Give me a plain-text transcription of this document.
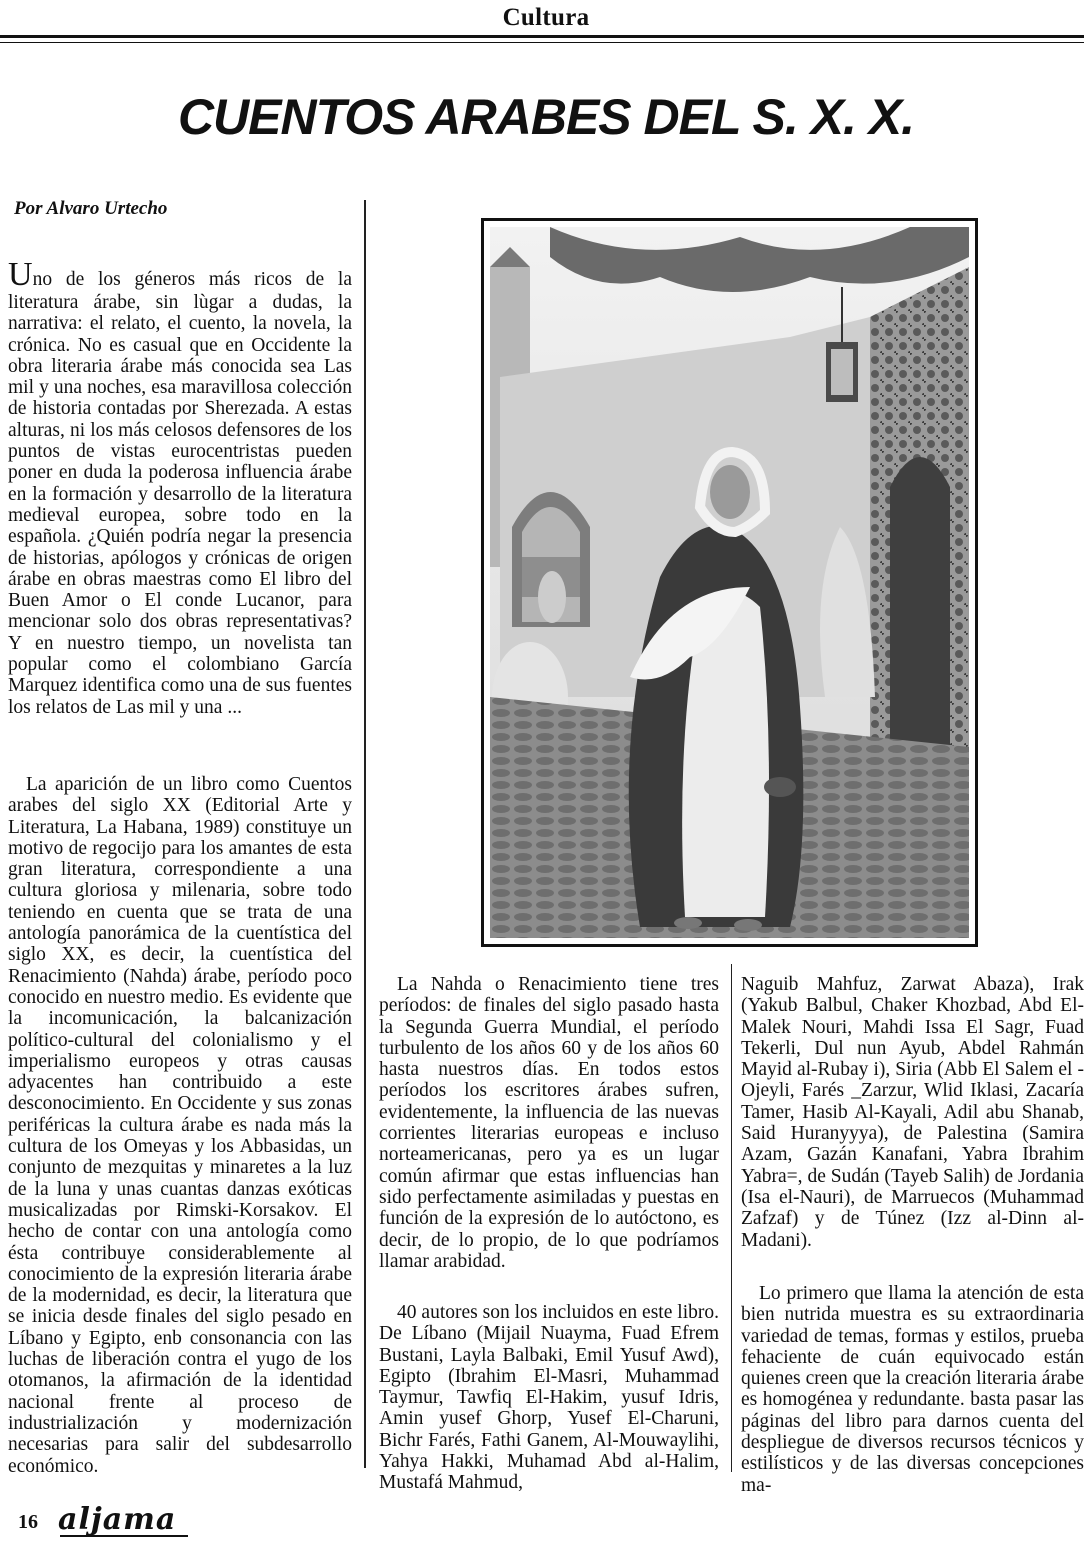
Cultura
CUENTOS ARABES DEL S. X. X.
Por Alvaro Urtecho

Uno de los géneros más ricos de la literatura árabe, sin lùgar a dudas, la narrativa: el relato, el cuento, la novela, la crónica. No es casual que en Occidente la obra literaria árabe más conocida sea Las mil y una noches, esa maravillosa colección de historia contadas por Sherezada. A estas alturas, ni los más celosos defensores de los puntos de vistas eurocentristas pueden poner en duda la poderosa influencia árabe en la formación y desarrollo de la literatura medieval europea, sobre todo en la española. ¿Quién podría negar la presencia de historias, apólogos y crónicas de origen árabe en obras maestras como El libro del Buen Amor o El conde Lucanor, para mencionar solo dos obras representativas? Y en nuestro tiempo, un novelista tan popular como el colombiano García Marquez identifica como una de sus fuentes los relatos de Las mil y una ...

La aparición de un libro como Cuentos arabes del siglo XX (Editorial Arte y Literatura, La Habana, 1989) constituye un motivo de regocijo para los amantes de esta gran literatura, correspondiente a una cultura gloriosa y milenaria, sobre todo teniendo en cuenta que se trata de una antología panorámica de la cuentística del siglo XX, es decir, la cuentística del Renacimiento (Nahda) árabe, período poco conocido en nuestro medio. Es evidente que la incomunicación, la balcanización político-cultural del colonialismo y el imperialismo europeos y otras causas adyacentes han contribuido a este desconocimiento. En Occidente y sus zonas periféricas la cultura árabe es nada más la cultura de los Omeyas y los Abbasidas, un conjunto de mezquitas y minaretes a la luz de la luna y unas cuantas danzas exóticas musicalizadas por Rimski-Korsakov. El hecho de contar con una antología como ésta contribuye considerablemente al conocimiento de la expresión literaria árabe de la modernidad, es decir, la literatura que se inicia desde finales del siglo pesado en Líbano y Egipto, enb consonancia con las luchas de liberación contra el yugo de los otomanos, la afirmación de la identidad nacional frente al proceso de industrialización y modernización necesarias para salir del subdesarrollo económico.

La Nahda o Renacimiento tiene tres períodos: de finales del siglo pasado hasta la Segunda Guerra Mundial, el período turbulento de los años 60 y de los años 60 hasta nuestros días. En todos estos períodos los escritores árabes sufren, evidentemente, la influencia de las nuevas corrientes literarias europeas e incluso norteamericanas, pero ya es un lugar común afirmar que estas influencias han sido perfectamente asimiladas y puestas en función de la expresión de lo autóctono, es decir, de lo propio, de lo que podríamos llamar arabidad.

40 autores son los incluidos en este libro. De Líbano (Mijail Nuayma, Fuad Efrem Bustani, Layla Balbaki, Emil Yusuf Awd), Egipto (Ibrahim El-Masri, Muhammad Taymur, Tawfiq El-Hakim, yusuf Idris, Amin yusef Ghorp, Yusef El-Charuni, Bichr Farés, Fathi Ganem, Al-Mouwaylihi, Yahya Hakki, Muhamad Abd al-Halim, Mustafá Mahmud,

Naguib Mahfuz, Zarwat Abaza), Irak (Yakub Balbul, Chaker Khozbad, Abd El-Malek Nouri, Mahdi Issa El Sagr, Fuad Tekerli, Dul nun Ayub, Abdel Rahmán Mayid al-Rubay i), Siria (Abb El Salem el -Ojeyli, Farés _Zarzur, Wlid Iklasi, Zacaría Tamer, Hasib Al-Kayali, Adil abu Shanab, Said Huranyyya), de Palestina (Samira Azam, Gazán Kanafani, Yabra Ibrahim Yabra=, de Sudán (Tayeb Salih) de Jordania (Isa el-Nauri), de Marruecos (Muhammad Zafzaf) y de Túnez (Izz al-Dinn al-Madani).

Lo primero que llama la atención de esta bien nutrida muestra es su extraordinaria variedad de temas, formas y estilos, prueba fehaciente de cuán equivocado están quienes creen que la creación literaria árabe es homogénea y redundante. basta pasar las páginas del libro para darnos cuenta del despliegue de diversos recursos técnicos y estilísticos y de las diversas concepciones ma-

16 aljama
